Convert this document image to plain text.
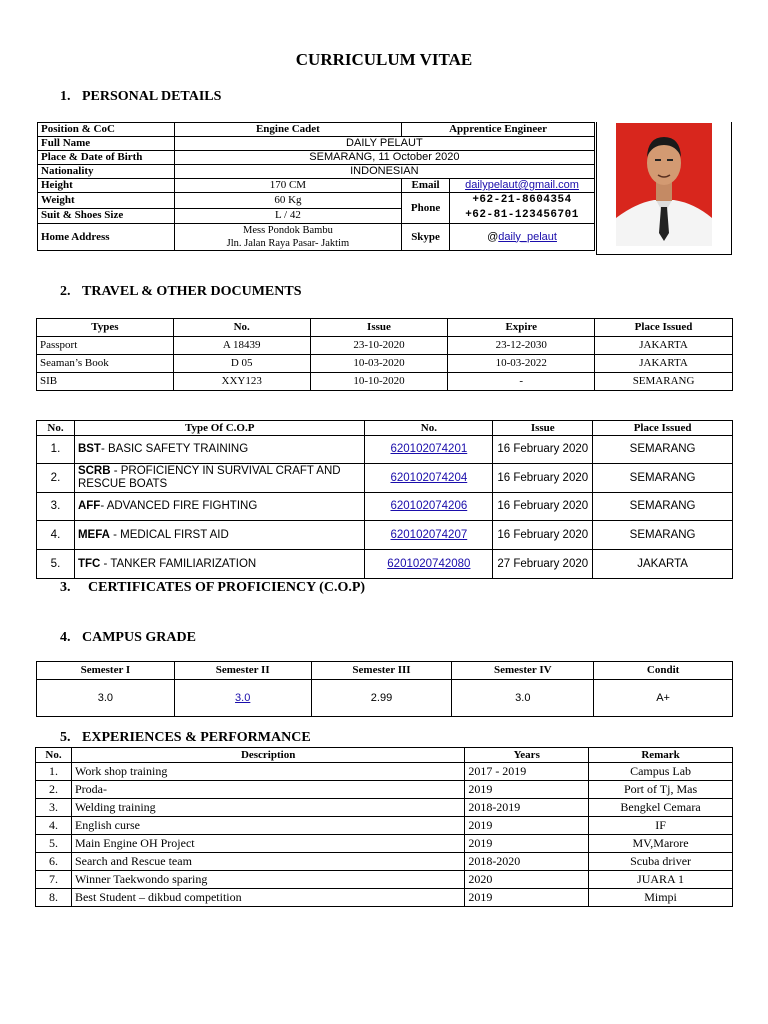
CURRICULUM VITAE
1. PERSONAL DETAILS
Position & CoC	Engine Cadet	Apprentice Engineer	
Full Name	DAILY PELAUT		
Place & Date of Birth	SEMARANG, 11 October 2020		
Nationality	INDONESIAN		
Height	170 CM	Email	dailypelaut@gmail.com
Weight	60 Kg	Phone	+62-21-8604354
+62-81-123456701

Suit & Shoes Size	L / 42		
Home Address	Mess Pondok Bambu
Jln. Jalan Raya Pasar- Jaktim	Skype	@daily_pelaut
2. TRAVEL & OTHER DOCUMENTS
Types	No.	Issue	Expire	Place Issued
Passport	A 18439	23-10-2020	23-12-2030	JAKARTA
Seaman’s Book	D 05	10-03-2020	10-03-2022	JAKARTA
SIB	XXY123	10-10-2020	-	SEMARANG
No.	Type Of C.O.P	No.	Issue	Place Issued
1.	BST- BASIC SAFETY TRAINING	620102074201	16 February 2020	SEMARANG
2.	SCRB - PROFICIENCY IN SURVIVAL CRAFT AND RESCUE BOATS	620102074204	16 February 2020	SEMARANG
3.	AFF- ADVANCED FIRE FIGHTING	620102074206	16 February 2020	SEMARANG
4.	MEFA - MEDICAL FIRST AID	620102074207	16 February 2020	SEMARANG
5.	TFC - TANKER FAMILIARIZATION	6201020742080	27 February 2020	JAKARTA
3. CERTIFICATES OF PROFICIENCY (C.O.P)
4. CAMPUS GRADE
Semester I	Semester II	Semester III	Semester IV	Condit
3.0	3.0	2.99	3.0	A+
5. EXPERIENCES & PERFORMANCE
No.	Description	Years	Remark
1.	Work shop training	2017 - 2019	Campus Lab
2.	Proda-	2019	Port of Tj, Mas
3.	Welding training	2018-2019	Bengkel Cemara
4.	English curse	2019	IF
5.	Main Engine OH Project	2019	MV,Marore
6.	Search and Rescue team	2018-2020	Scuba driver
7.	Winner Taekwondo sparing	2020	JUARA 1
8.	Best Student – dikbud competition	2019	Mimpi
